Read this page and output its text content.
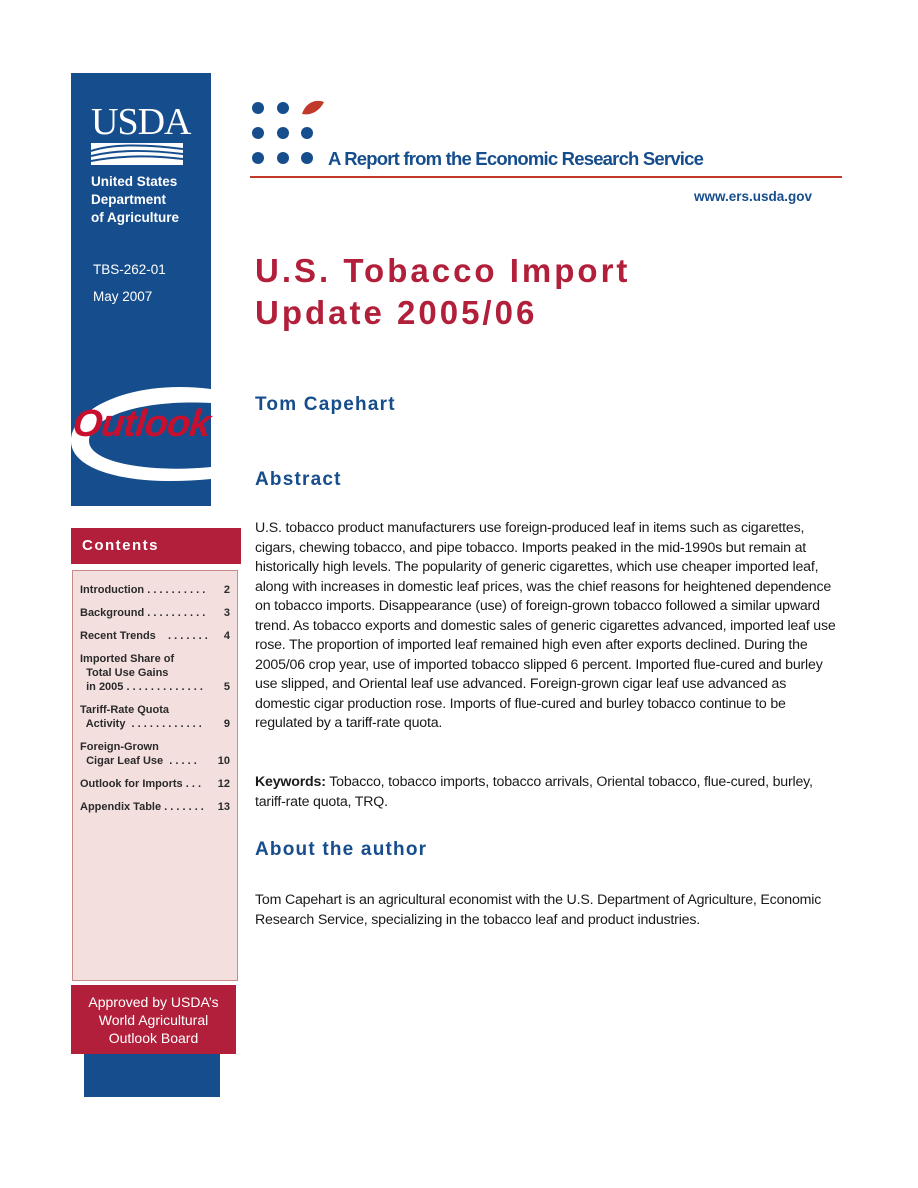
USDA
United States
Department
of Agriculture
TBS-262-01
May 2007
Outlook
Contents
Introduction . . . . . . . . . . 2
Background . . . . . . . . . . 3
Recent Trends    . . . . . . . 4
Imported Share of
Total Use Gains
in 2005 . . . . . . . . . . . . . 5
Tariff-Rate Quota
Activity  . . . . . . . . . . . . 9
Foreign-Grown
Cigar Leaf Use  . . . . . 10
Outlook for Imports . . . 12
Appendix Table . . . . . . . 13
Approved by USDA’s
World Agricultural
Outlook Board
A Report from the Economic Research Service
www.ers.usda.gov
U.S. Tobacco Import
Update 2005/06
Tom Capehart
Abstract
U.S. tobacco product manufacturers use foreign-produced leaf in items such as cigarettes, cigars, chewing tobacco, and pipe tobacco. Imports peaked in the mid-1990s but remain at historically high levels. The popularity of generic cigarettes, which use cheaper imported leaf, along with increases in domestic leaf prices, was the chief reasons for heightened dependence on tobacco imports. Disappearance (use) of foreign-grown tobacco followed a similar upward trend. As tobacco exports and domestic sales of generic cigarettes advanced, imported leaf use rose. The proportion of imported leaf remained high even after exports declined. During the 2005/06 crop year, use of imported tobacco slipped 6 percent. Imported flue-cured and burley use slipped, and Oriental leaf use advanced. Foreign-grown cigar leaf use advanced as domestic cigar production rose. Imports of flue-cured and burley tobacco continue to be regulated by a tariff-rate quota.
Keywords: Tobacco, tobacco imports, tobacco arrivals, Oriental tobacco, flue-cured, burley, tariff-rate quota, TRQ.
About the author
Tom Capehart is an agricultural economist with the U.S. Department of Agriculture, Economic Research Service, specializing in the tobacco leaf and product industries.
